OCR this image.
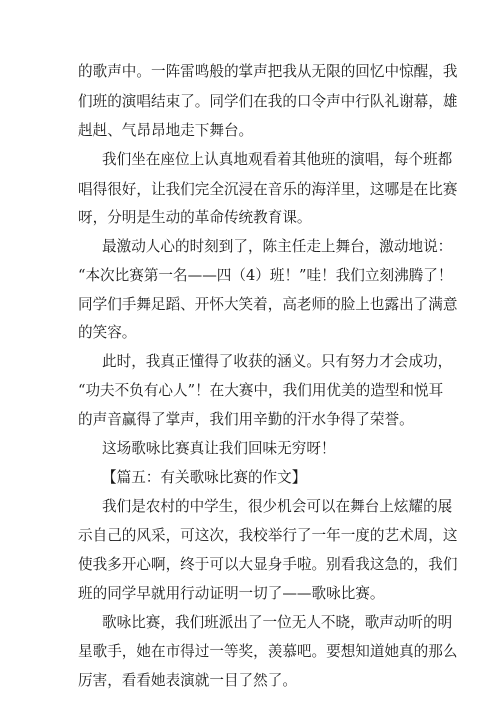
的歌声中。一阵雷鸣般的掌声把我从无限的回忆中惊醒，我
们班的演唱结束了。同学们在我的口令声中行队礼谢幕，雄
赳赳、气昂昂地走下舞台。
我们坐在座位上认真地观看着其他班的演唱，每个班都
唱得很好，让我们完全沉浸在音乐的海洋里，这哪是在比赛
呀，分明是生动的革命传统教育课。
最激动人心的时刻到了，陈主任走上舞台，激动地说：
“本次比赛第一名——四（4）班！”哇！我们立刻沸腾了！
同学们手舞足蹈、开怀大笑着，高老师的脸上也露出了满意
的笑容。
此时，我真正懂得了收获的涵义。只有努力才会成功，
“功夫不负有心人”！在大赛中，我们用优美的造型和悦耳
的声音赢得了掌声，我们用辛勤的汗水争得了荣誉。
这场歌咏比赛真让我们回味无穷呀！
【篇五：有关歌咏比赛的作文】
我们是农村的中学生，很少机会可以在舞台上炫耀的展
示自己的风采，可这次，我校举行了一年一度的艺术周，这
使我多开心啊，终于可以大显身手啦。别看我这急的，我们
班的同学早就用行动证明一切了——歌咏比赛。
歌咏比赛，我们班派出了一位无人不晓，歌声动听的明
星歌手，她在市得过一等奖，羡慕吧。要想知道她真的那么
厉害，看看她表演就一目了然了。
